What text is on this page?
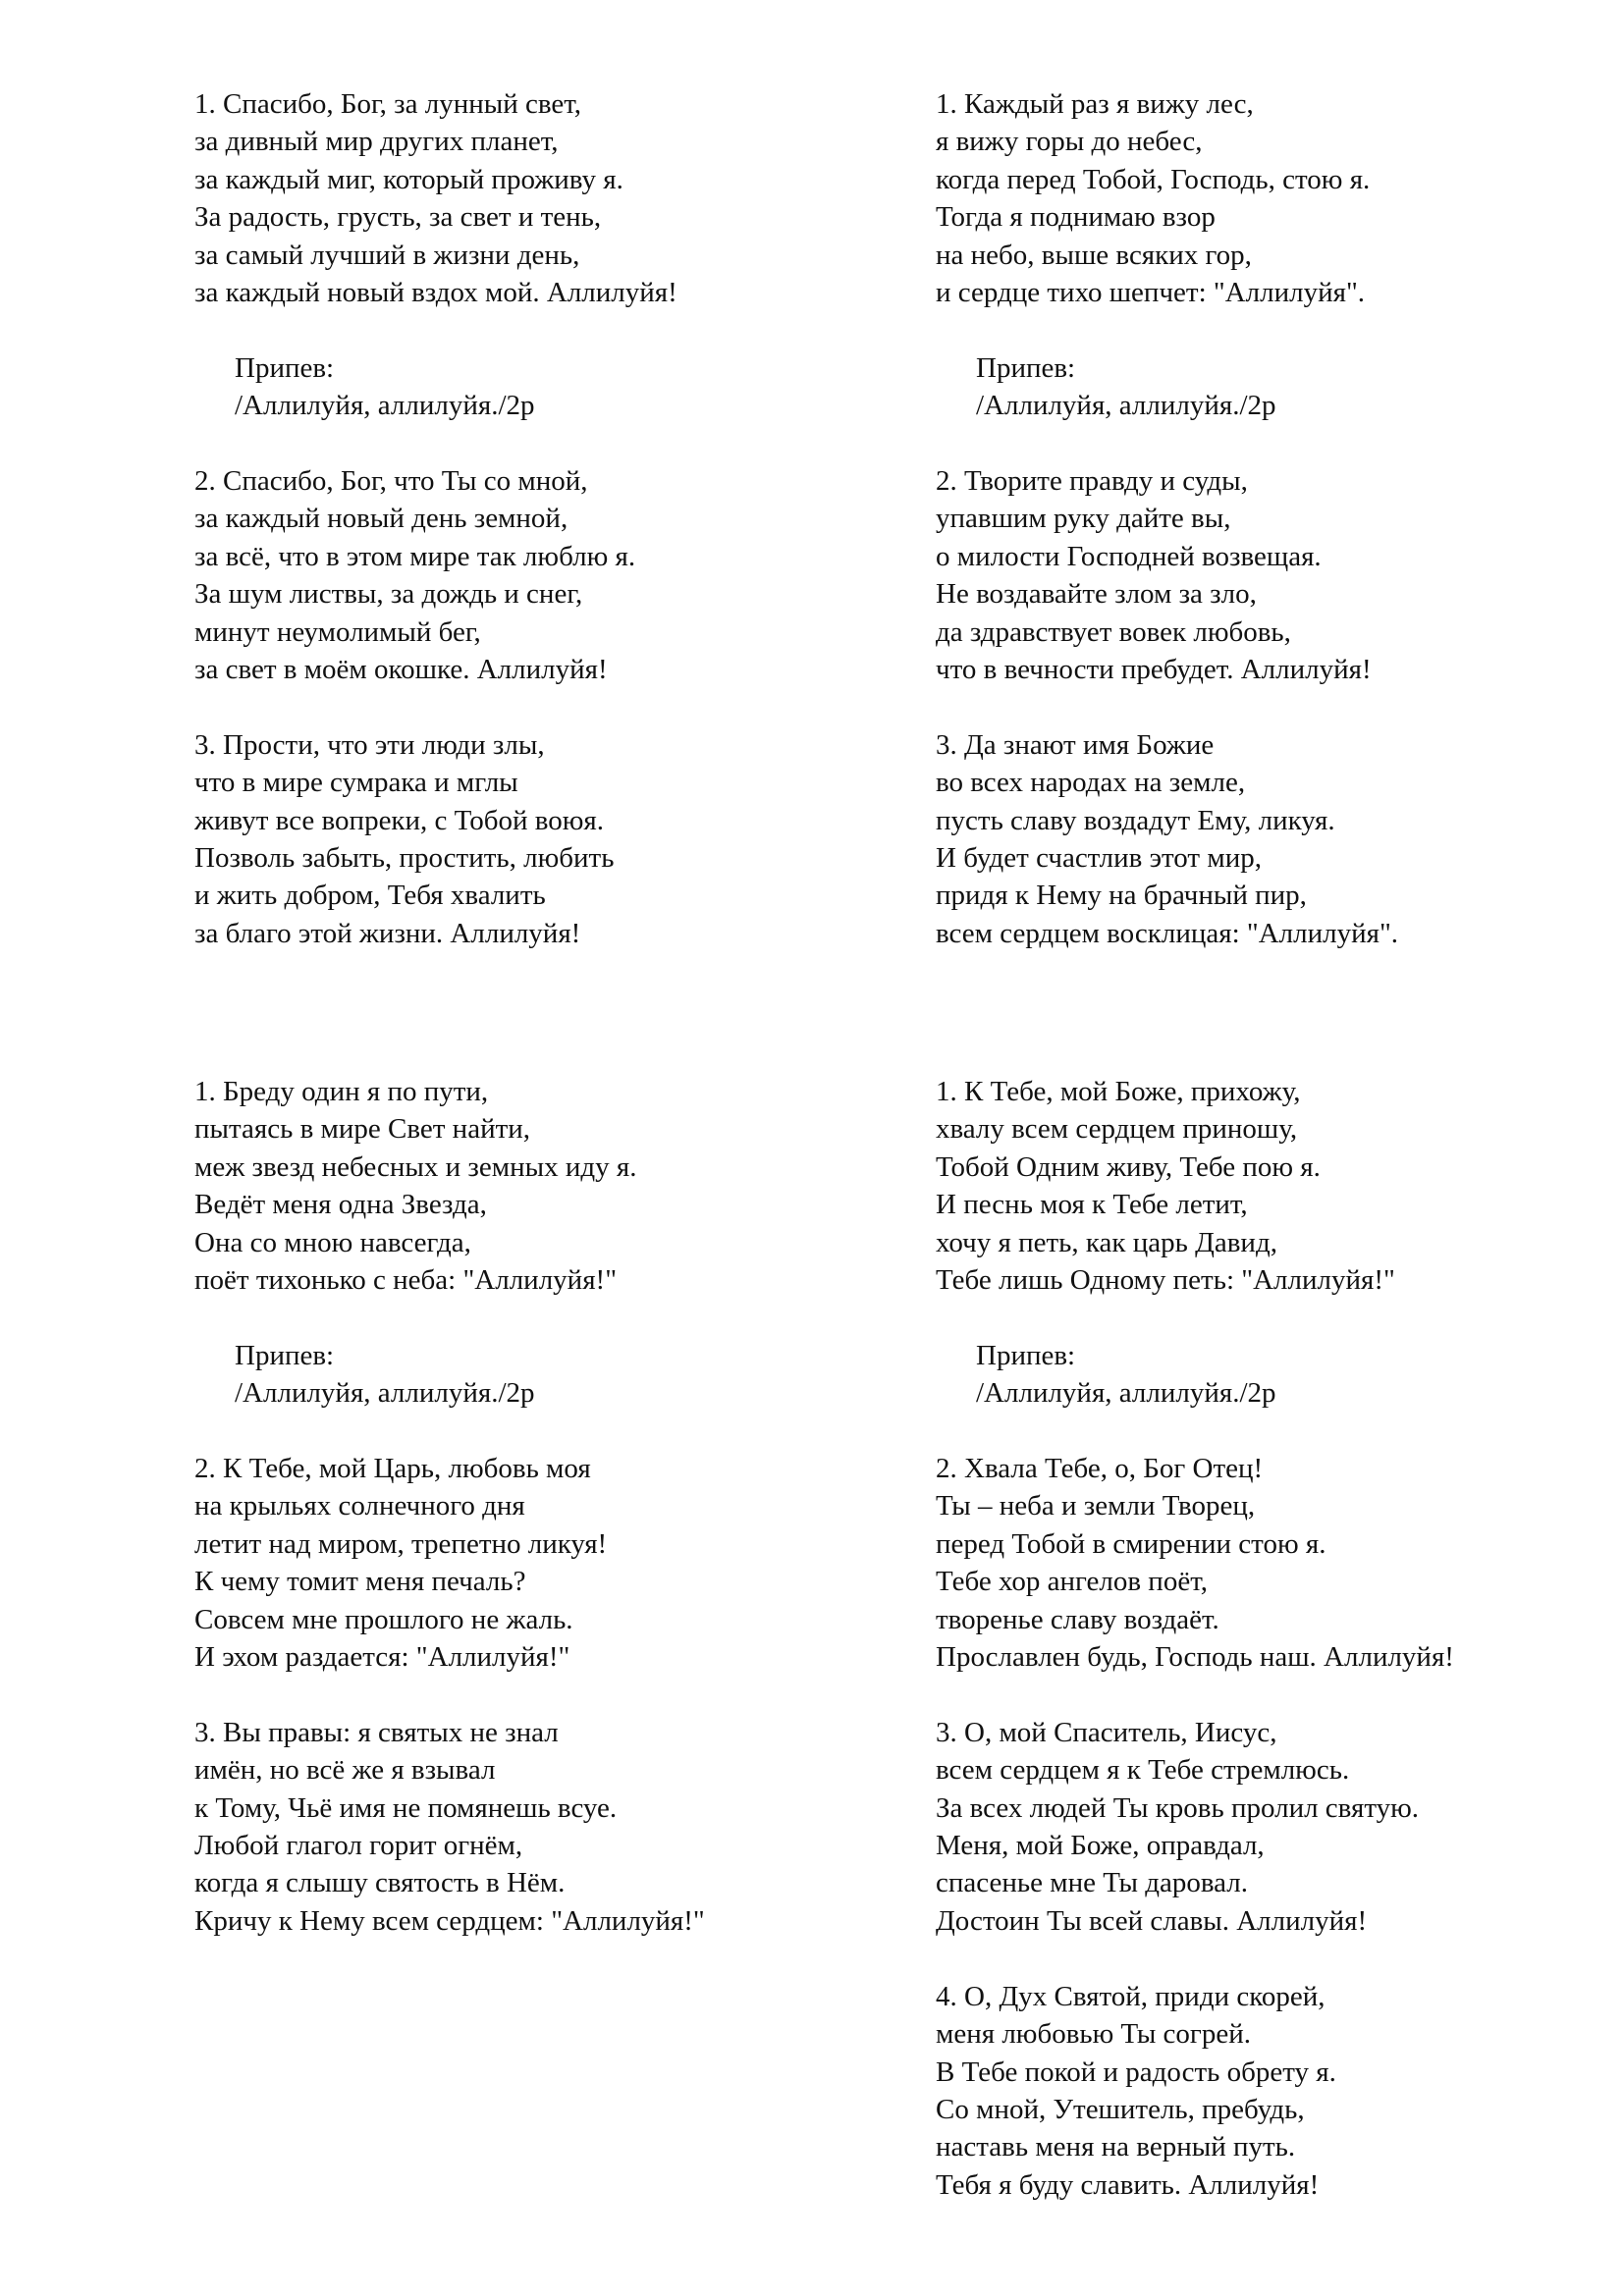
1. Спасибо, Бог, за лунный свет,
за дивный мир других планет,
за каждый миг, который проживу я.
За радость, грусть, за свет и тень,
за самый лучший в жизни день,
за каждый новый вздох мой. Аллилуйя!
Припев:
/Аллилуйя, аллилуйя./2р
2. Спасибо, Бог, что Ты со мной,
за каждый новый день земной,
за всё, что в этом мире так люблю я.
За шум листвы, за дождь и снег,
минут неумолимый бег,
за свет в моём окошке. Аллилуйя!
3. Прости, что эти люди злы,
что в мире сумрака и мглы
живут все вопреки, с Тобой воюя.
Позволь забыть, простить, любить
и жить добром, Тебя хвалить
за благо этой жизни. Аллилуйя!
1. Каждый раз я вижу лес,
я вижу горы до небес,
когда перед Тобой, Господь, стою я.
Тогда я поднимаю взор
на небо, выше всяких гор,
и сердце тихо шепчет: "Аллилуйя".
Припев:
/Аллилуйя, аллилуйя./2р
2. Творите правду и суды,
упавшим руку дайте вы,
о милости Господней возвещая.
Не воздавайте злом за зло,
да здравствует вовек любовь,
что в вечности пребудет. Аллилуйя!
3. Да знают имя Божие
во всех народах на земле,
пусть славу воздадут Ему, ликуя.
И будет счастлив этот мир,
придя к Нему на брачный пир,
всем сердцем восклицая: "Аллилуйя".
1. Бреду один я по пути,
пытаясь в мире Свет найти,
меж звезд небесных и земных иду я.
Ведёт меня одна Звезда,
Она со мною навсегда,
поёт тихонько с неба: "Аллилуйя!"
Припев:
/Аллилуйя, аллилуйя./2р
2. К Тебе, мой Царь, любовь моя
на крыльях солнечного дня
летит над миром, трепетно ликуя!
К чему томит меня печаль?
Совсем мне прошлого не жаль.
И эхом раздается: "Аллилуйя!"
3. Вы правы: я святых не знал
имён, но всё же я взывал
к Тому, Чьё имя не помянешь всуе.
Любой глагол горит огнём,
когда я слышу святость в Нём.
Кричу к Нему всем сердцем: "Аллилуйя!"
1. К Тебе, мой Боже, прихожу,
хвалу всем сердцем приношу,
Тобой Одним живу, Тебе пою я.
И песнь моя к Тебе летит,
хочу я петь, как царь Давид,
Тебе лишь Одному петь: "Аллилуйя!"
Припев:
/Аллилуйя, аллилуйя./2р
2. Хвала Тебе, о, Бог Отец!
Ты – неба и земли Творец,
перед Тобой в смирении стою я.
Тебе хор ангелов поёт,
творенье славу воздаёт.
Прославлен будь, Господь наш. Аллилуйя!
3. О, мой Спаситель, Иисус,
всем сердцем я к Тебе стремлюсь.
За всех людей Ты кровь пролил святую.
Меня, мой Боже, оправдал,
спасенье мне Ты даровал.
Достоин Ты всей славы. Аллилуйя!
4. О, Дух Святой, приди скорей,
меня любовью Ты согрей.
В Тебе покой и радость обрету я.
Со мной, Утешитель, пребудь,
наставь меня на верный путь.
Тебя я буду славить. Аллилуйя!
